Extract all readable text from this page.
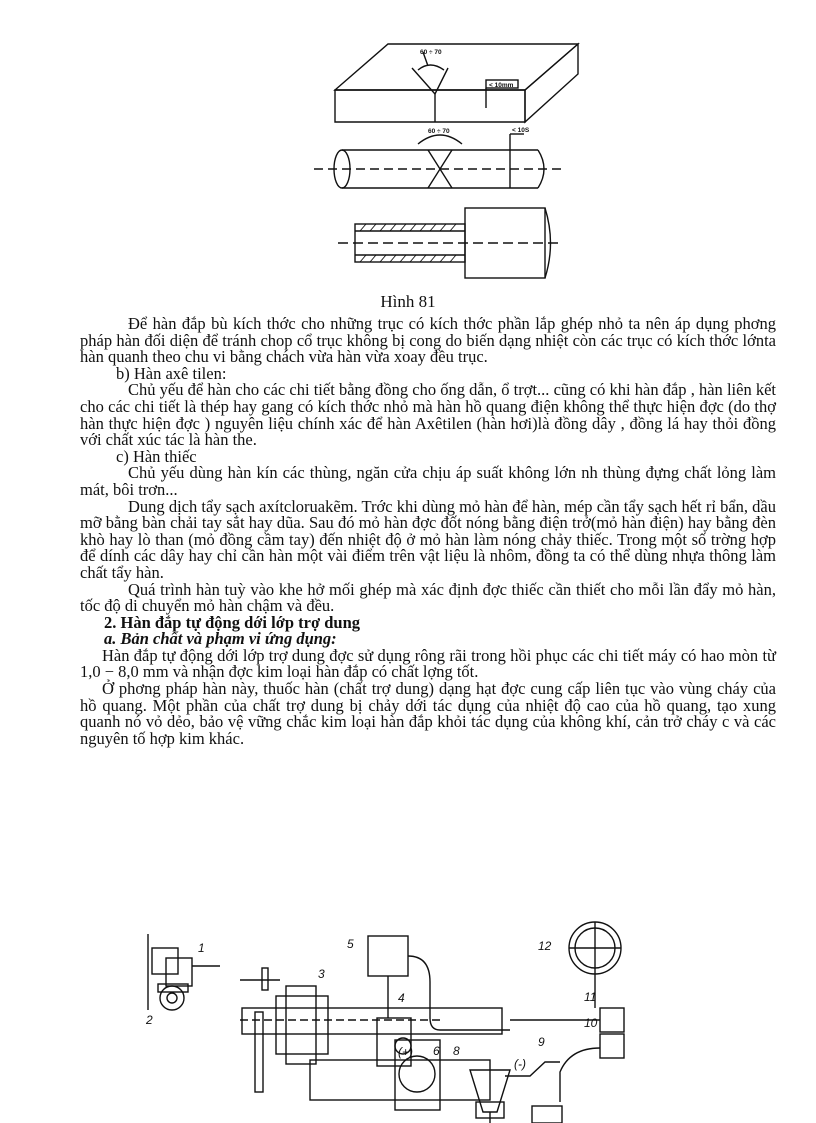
60 ÷ 70
< 10mm
60 ÷ 70	< 10S
Hình 81

Để hàn đắp bù kích thớc cho những trục có kích thớc phần lắp ghép nhỏ ta nên áp dụng phơng pháp hàn đối diện để tránh chop cổ trục không bị cong do biến dạng nhiệt còn các trục có kích thớc lớnta hàn quanh theo chu vi bằng chách vừa hàn vừa xoay đều trục.

b) Hàn axê tilen:

Chủ yếu để hàn cho các chi tiết bằng đồng cho ống dẫn, ổ trợt... cũng có khi hàn đắp , hàn liên kết cho các chi tiết là thép hay gang có kích thớc nhỏ mà hàn hồ quang điện không thể thực hiện đợc (do thợ hàn thực hiện đợc ) nguyên liệu chính xác để hàn Axêtilen (hàn hơi)là đồng dây , đồng lá hay thỏi đồng với chất xúc tác là hàn the.

c) Hàn thiếc

Chủ yếu dùng hàn kín các thùng, ngăn cửa chịu áp suất không lớn nh thùng đựng chất lỏng làm mát, bôi trơn...

Dung dịch tẩy sạch axítcloruakẽm. Trớc khi dùng mỏ hàn để hàn, mép cần tẩy sạch hết rỉ bẩn, dầu mỡ bằng bàn chải tay sắt hay dũa. Sau đó mỏ hàn đợc đốt nóng bằng điện trở(mỏ hàn điện) hay bằng đèn khò hay lò than (mỏ đồng cầm tay) đến nhiệt độ ở mỏ hàn làm nóng chảy thiếc. Trong một số trờng hợp để dính các dây hay chỉ cần hàn một vài điểm trên vật liệu là nhôm, đồng ta có thể dùng nhựa thông làm chất tẩy hàn.

Quá trình hàn tuỳ vào khe hở mối ghép mà xác định đợc thiếc cần thiết cho mỗi lần đẩy mỏ hàn, tốc độ di chuyển mỏ hàn chậm và đều.

2. Hàn đắp tự động dới lớp trợ dung

a. Bản chất và phạm vi ứng dụng:

Hàn đắp tự động dới lớp trợ dung đợc sử dụng rông rãi trong hồi phục các chi tiết máy có hao mòn từ 1,0 − 8,0 mm và nhận đợc kim loại hàn đắp có chất lợng tốt.

Ở phơng pháp hàn này, thuốc hàn (chất trợ dung) dạng hạt đợc cung cấp liên tục vào vùng cháy của hồ quang. Một phần của chất trợ dung bị chảy dới tác dụng của nhiệt độ cao của hồ quang, tạo xung quanh nó vỏ dẻo, bảo vệ vững chắc kim loại hàn đắp khỏi tác dụng của không khí, cản trở cháy c và các nguyên tố hợp kim khác.

1
2
3
4
5
6 8
9
10
11
12
(+)
(-)
